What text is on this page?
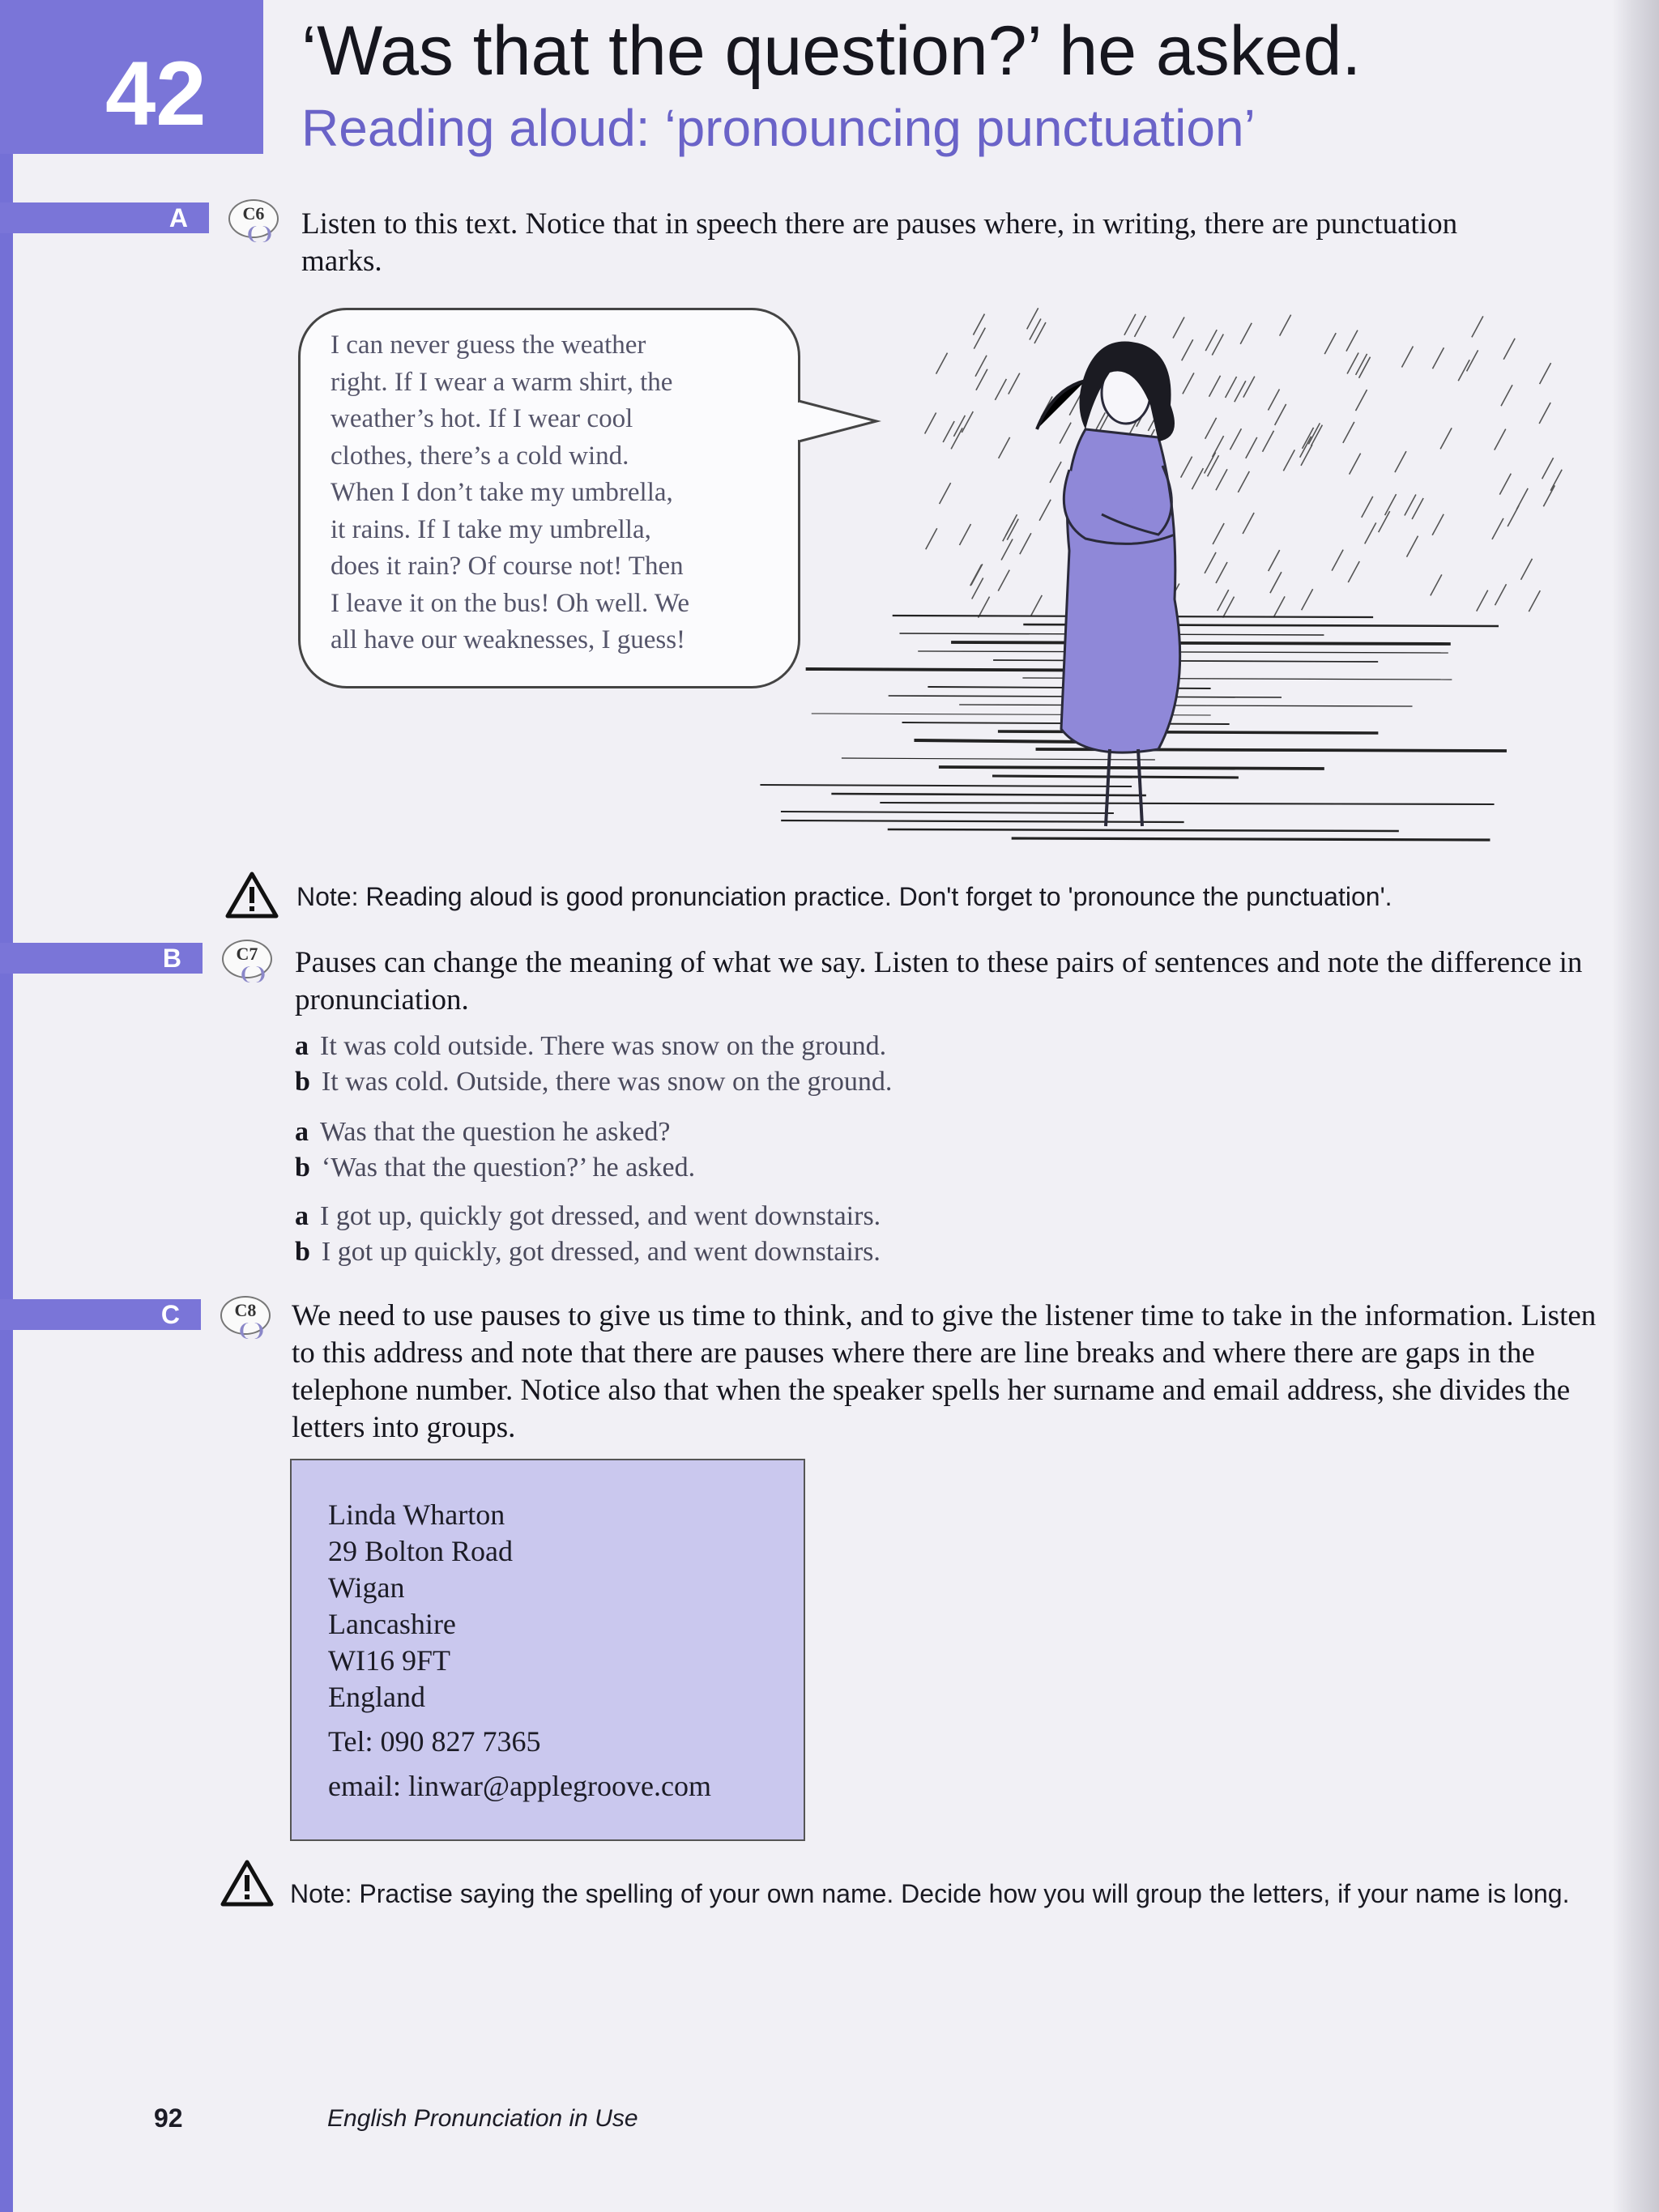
42 ‘Was that the question?’ he asked.
Reading aloud: ‘pronouncing punctuation’
A	C6
❨❩ Listen to this text. Notice that in speech there are pauses where, in writing, there are punctuation marks.
I can never guess the weather
right. If I wear a warm shirt, the
weather’s hot. If I wear cool
clothes, there’s a cold wind.
When I don’t take my umbrella,
it rains. If I take my umbrella,
does it rain? Of course not! Then
I leave it on the bus! Oh well. We
all have our weaknesses, I guess!
Note: Reading aloud is good pronunciation practice. Don't forget to 'pronounce the punctuation'.
B	C7
❨❩ Pauses can change the meaning of what we say. Listen to these pairs of sentences and note the difference in pronunciation.
a It was cold outside. There was snow on the ground.
b It was cold. Outside, there was snow on the ground.
a Was that the question he asked?
b ‘Was that the question?’ he asked.
a I got up, quickly got dressed, and went downstairs.
b I got up quickly, got dressed, and went downstairs.
C	C8
❨❩ We need to use pauses to give us time to think, and to give the listener time to take in the information. Listen to this address and note that there are pauses where there are line breaks and where there are gaps in the telephone number. Notice also that when the speaker spells her surname and email address, she divides the letters into groups.
Linda Wharton
29 Bolton Road
Wigan
Lancashire
WI16 9FT
England
Tel: 090 827 7365
email: linwar@applegroove.com
Note: Practise saying the spelling of your own name. Decide how you will group the letters, if your name is long.
92	English Pronunciation in Use
